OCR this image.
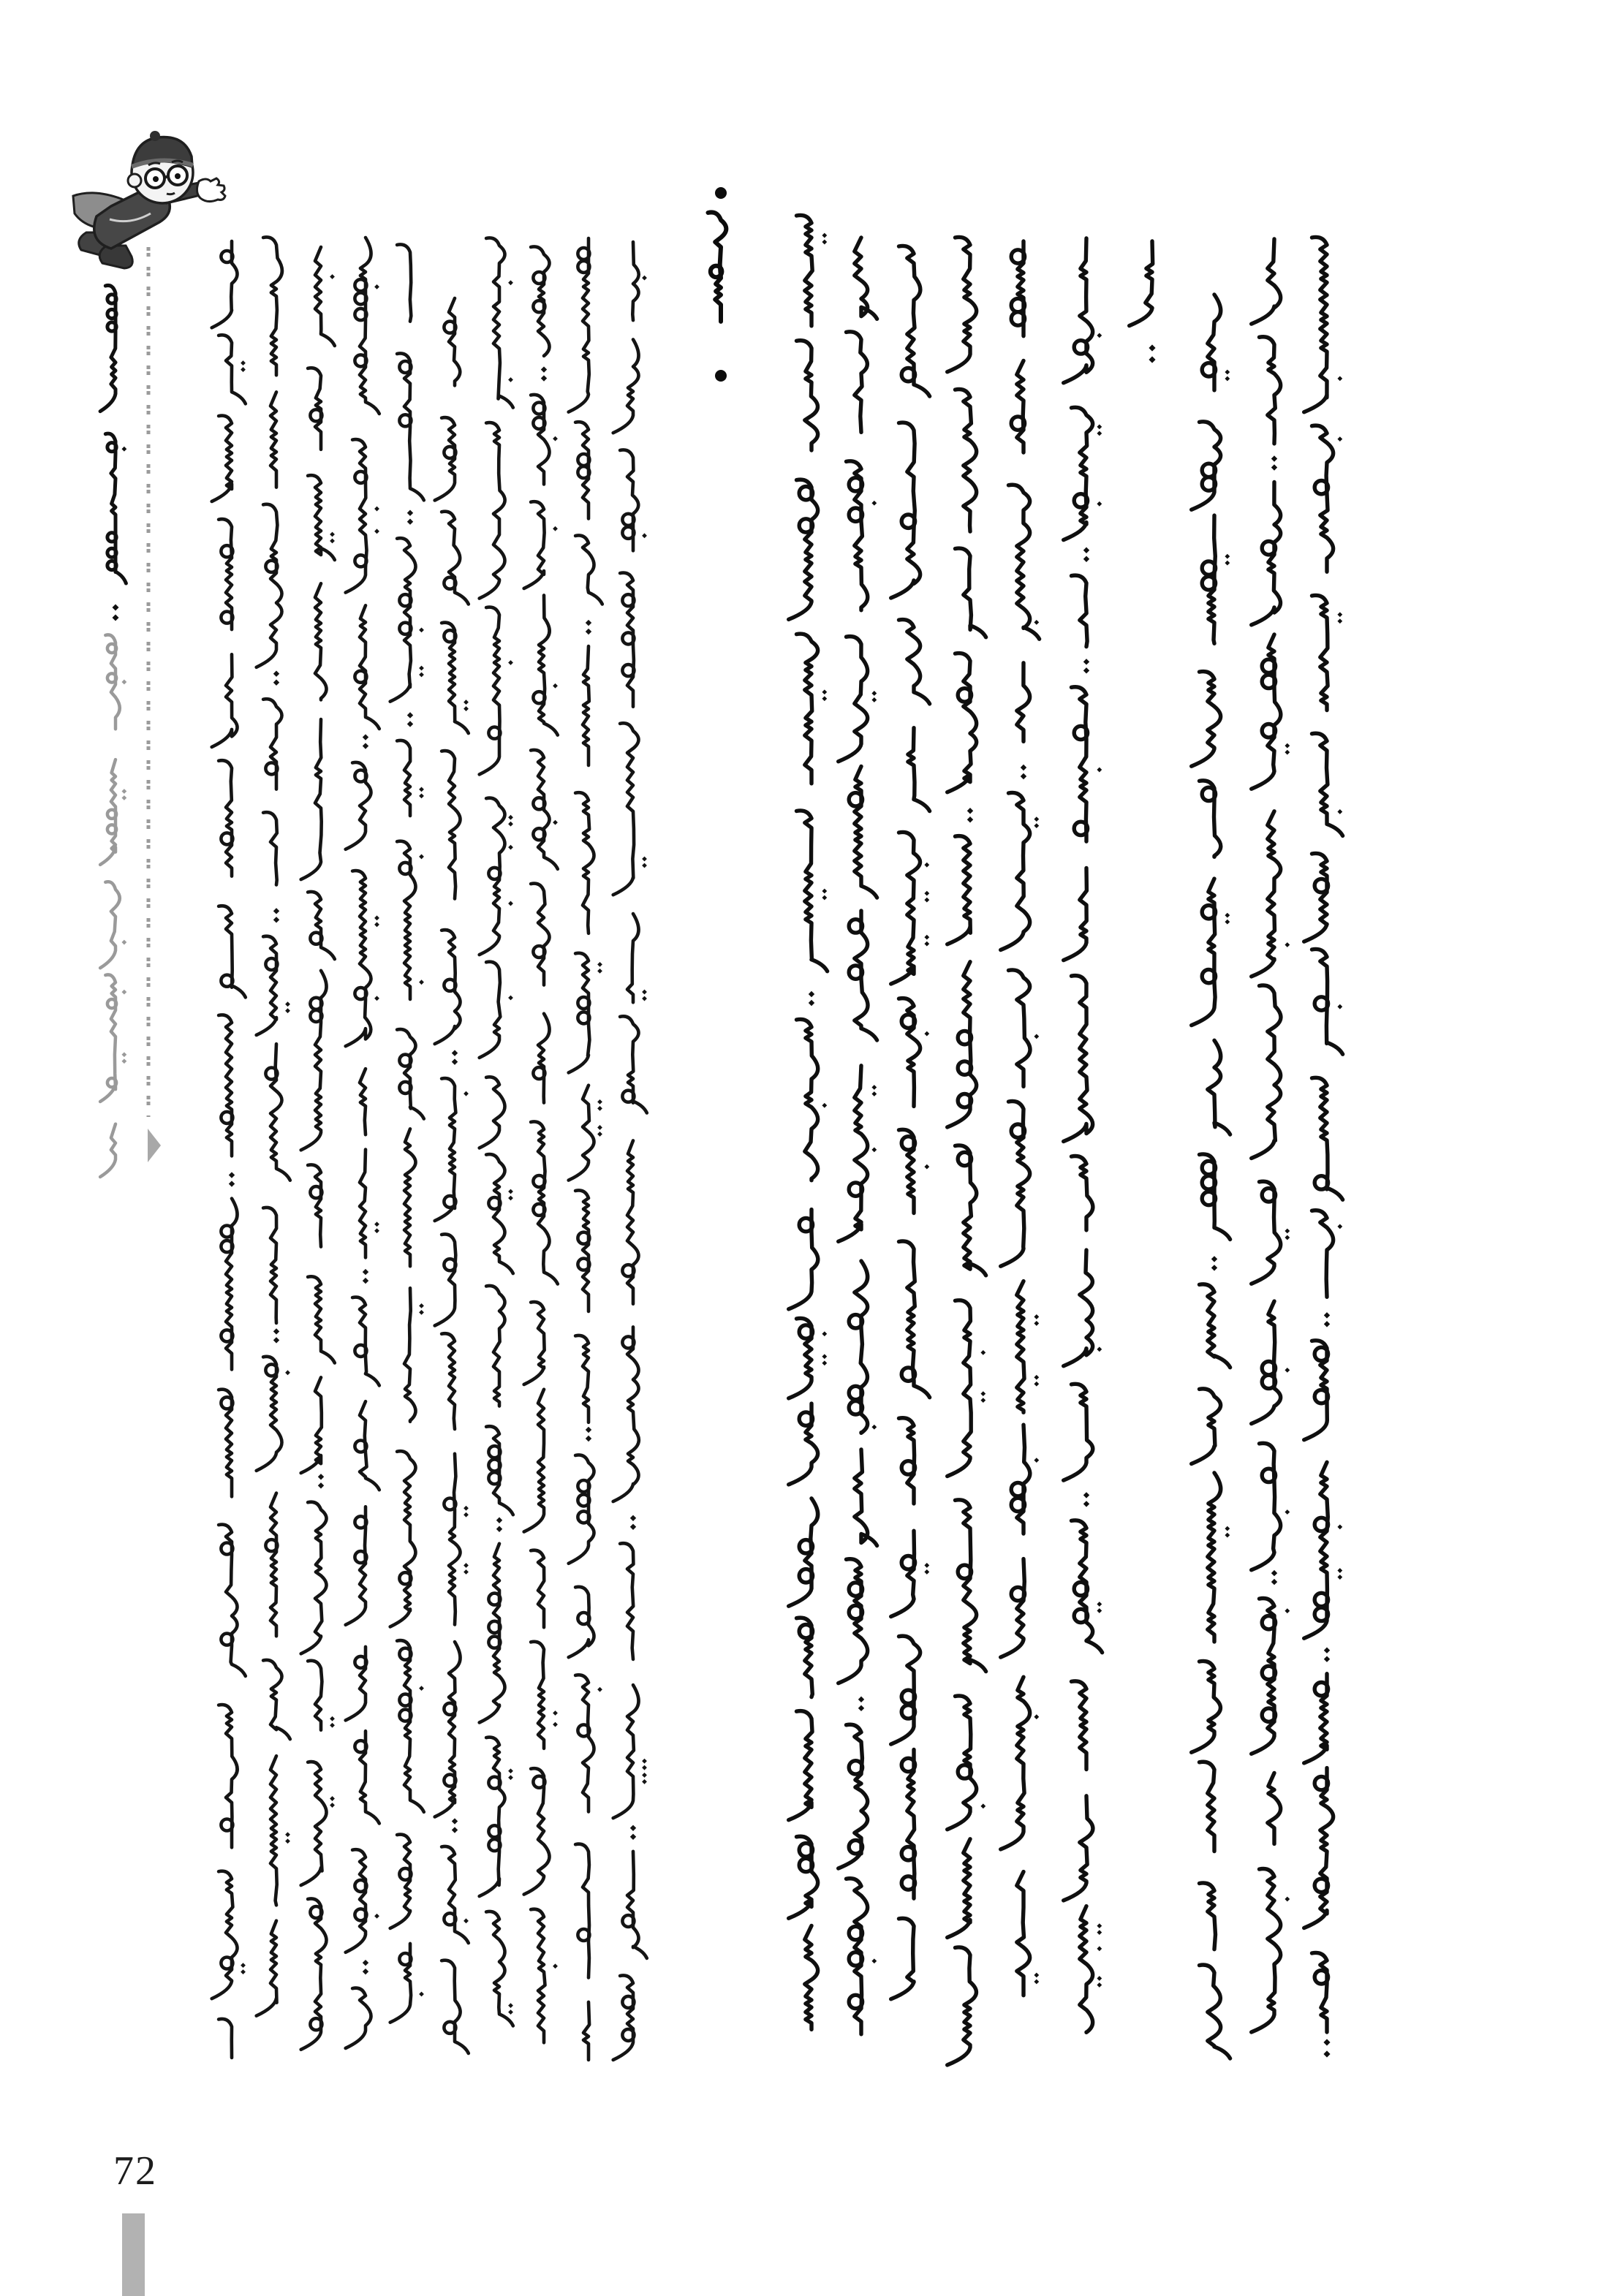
72
